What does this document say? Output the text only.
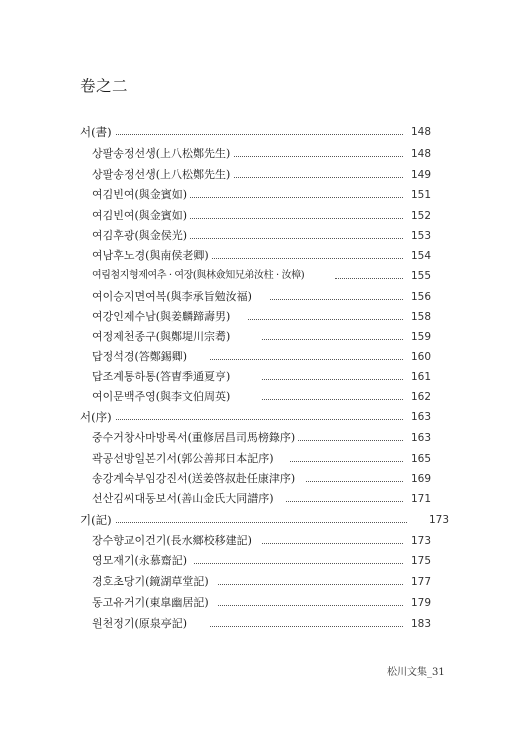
卷之二
서(書)	148
상팔송정선생(上八松鄭先生)	148
상팔송정선생(上八松鄭先生)	149
여김빈여(與金賓如)	151
여김빈여(與金賓如)	152
여김후광(與金侯光)	153
여남후노경(與南侯老卿)	154
여림첨지형제여추 · 여장(與林僉知兄弟汝柱 · 汝樟)	155
여이승지면여복(與李承旨勉汝福)	156
여강인제수남(與姜麟蹄壽男)	158
여정제천종구(與鄭堤川宗耈)	159
답정석경(答鄭錫卿)	160
답조계통하통(答曺季通夏亨)	161
여이문백주영(與李文伯周英)	162
서(序)	163
중수거창사마방록서(重修居昌司馬榜錄序)	163
곽공선방일본기서(郭公善邦日本記序)	165
송강계숙부임강진서(送姜啓叔赴任康津序)	169
선산김씨대동보서(善山金氏大同譜序)	171
기(記)	173
장수향교이건기(長水鄉校移建記)	173
영모재기(永慕齋記)	175
경호초당기(鏡湖草堂記)	177
동고유거기(東皐幽居記)	179
원천정기(原泉亭記)	183
松川文集_31
